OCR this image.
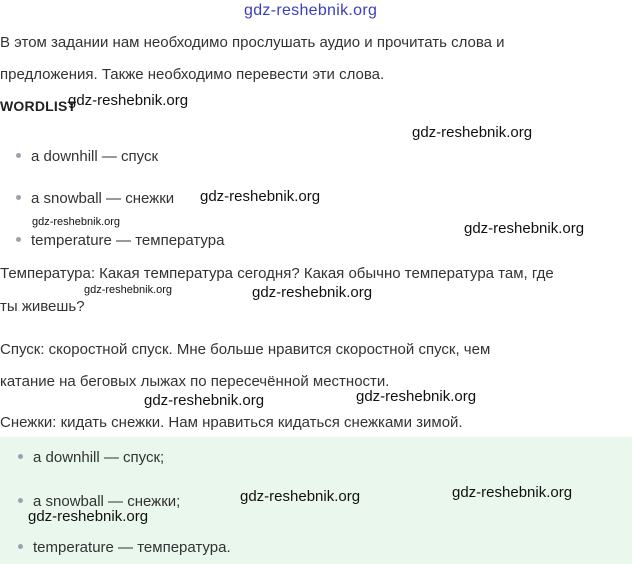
gdz-reshebnik.org
В этом задании нам необходимо прослушать аудио и прочитать слова и
предложения. Также необходимо перевести эти слова.
WORDLIST
gdz-reshebnik.org
gdz-reshebnik.org
a downhill — спуск
a snowball — снежки gdz-reshebnik.org
gdz-reshebnik.org	gdz-reshebnik.org
temperature — температура
Температура: Какая температура сегодня? Какая обычно температура там, где
gdz-reshebnik.org	gdz-reshebnik.org
ты живешь?
Спуск: скоростной спуск. Мне больше нравится скоростной спуск, чем
катание на беговых лыжах по пересечённой местности.
gdz-reshebnik.org
gdz-reshebnik.org
Снежки: кидать снежки. Нам нравиться кидаться снежками зимой.
a downhill — спуск;
a snowball — снежки;	gdz-reshebnik.org	gdz-reshebnik.org
gdz-reshebnik.org
temperature — температура.
